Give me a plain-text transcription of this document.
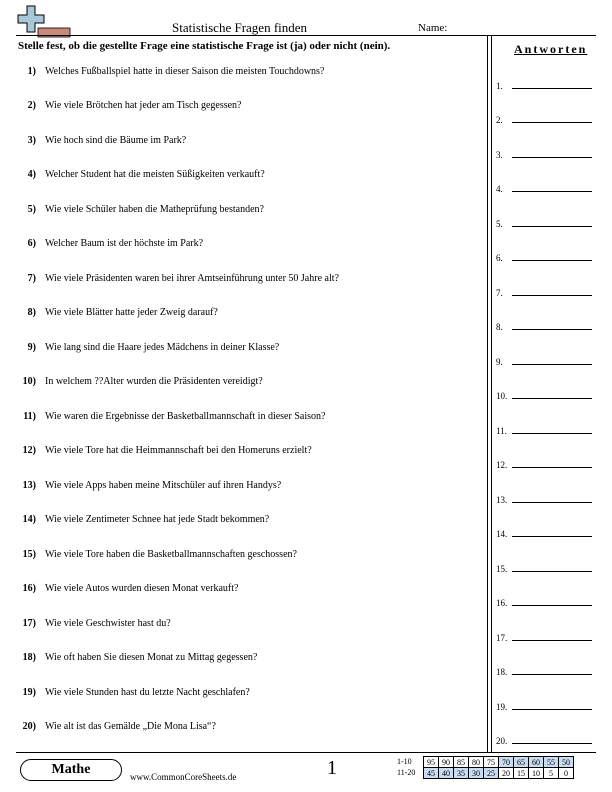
Statistische Fragen finden	Name:
Stelle fest, ob die gestellte Frage eine statistische Frage ist (ja) oder nicht (nein).	Antworten
1) Welches Fußballspiel hatte in dieser Saison die meisten Touchdowns?
2) Wie viele Brötchen hat jeder am Tisch gegessen?
3) Wie hoch sind die Bäume im Park?
4) Welcher Student hat die meisten Süßigkeiten verkauft?
5) Wie viele Schüler haben die Matheprüfung bestanden?
6) Welcher Baum ist der höchste im Park?
7) Wie viele Präsidenten waren bei ihrer Amtseinführung unter 50 Jahre alt?
8) Wie viele Blätter hatte jeder Zweig darauf?
9) Wie lang sind die Haare jedes Mädchens in deiner Klasse?
10) In welchem ??Alter wurden die Präsidenten vereidigt?
11) Wie waren die Ergebnisse der Basketballmannschaft in dieser Saison?
12) Wie viele Tore hat die Heimmannschaft bei den Homeruns erzielt?
13) Wie viele Apps haben meine Mitschüler auf ihren Handys?
14) Wie viele Zentimeter Schnee hat jede Stadt bekommen?
15) Wie viele Tore haben die Basketballmannschaften geschossen?
16) Wie viele Autos wurden diesen Monat verkauft?
17) Wie viele Geschwister hast du?
18) Wie oft haben Sie diesen Monat zu Mittag gegessen?
19) Wie viele Stunden hast du letzte Nacht geschlafen?
20) Wie alt ist das Gemälde „Die Mona Lisa“?
1.
2.
3.
4.
5.
6.
7.
8.
9.
10.
11.
12.
13.
14.
15.
16.
17.
18.
19.
20.
Mathe	www.CommonCoreSheets.de	1	1-10
11-20
95	90	85	80	75	70	65	60	55	50
45	40	35	30	25	20	15	10	5	0
